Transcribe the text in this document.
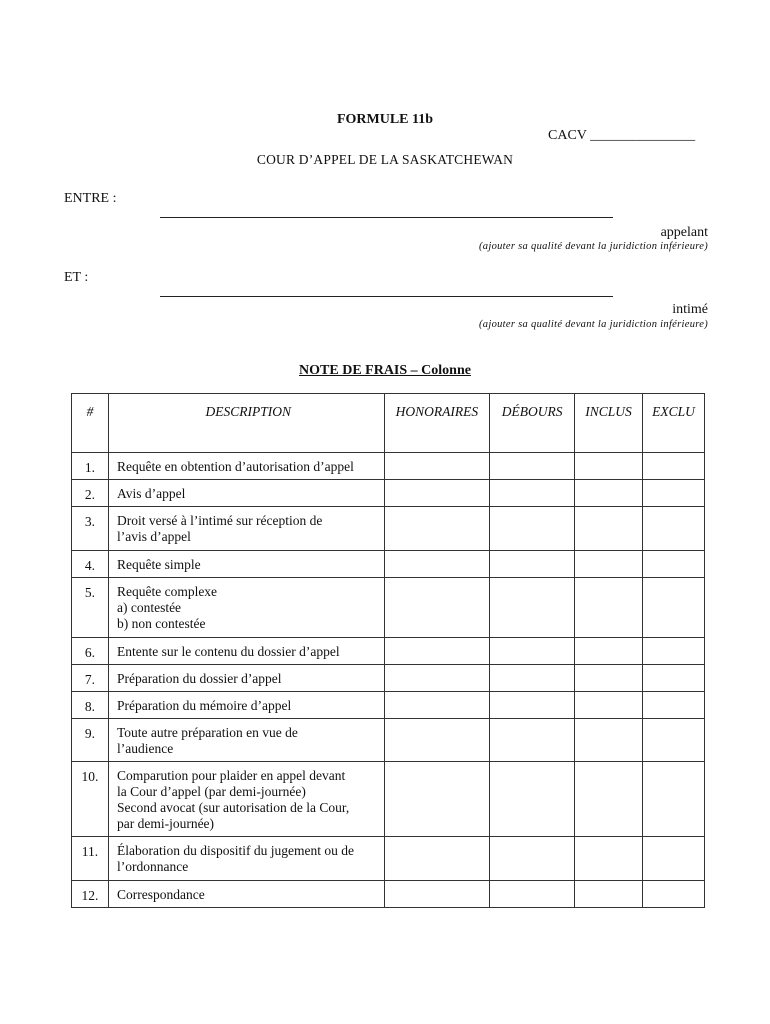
FORMULE 11b
CACV _______________
COUR D’APPEL DE LA SASKATCHEWAN
ENTRE :
appelant
(ajouter sa qualité devant la juridiction inférieure)
ET :
intimé
(ajouter sa qualité devant la juridiction inférieure)
NOTE DE FRAIS – Colonne
#	DESCRIPTION	HONORAIRES	DÉBOURS	INCLUS	EXCLU
1.	Requête en obtention d’autorisation d’appel				

2.	Avis d’appel				

3.	Droit versé à l’intimé sur réception de
l’avis d’appel				

4.	Requête simple				

5.	Requête complexe
a) contestée
b) non contestée				

6.	Entente sur le contenu du dossier d’appel				

7.	Préparation du dossier d’appel				

8.	Préparation du mémoire d’appel				

9.	Toute autre préparation en vue de
l’audience				

10.	Comparution pour plaider en appel devant
la Cour d’appel (par demi-journée)
Second avocat (sur autorisation de la Cour,
par demi-journée)				

11.	Élaboration du dispositif du jugement ou de
l’ordonnance				

12.	Correspondance				
